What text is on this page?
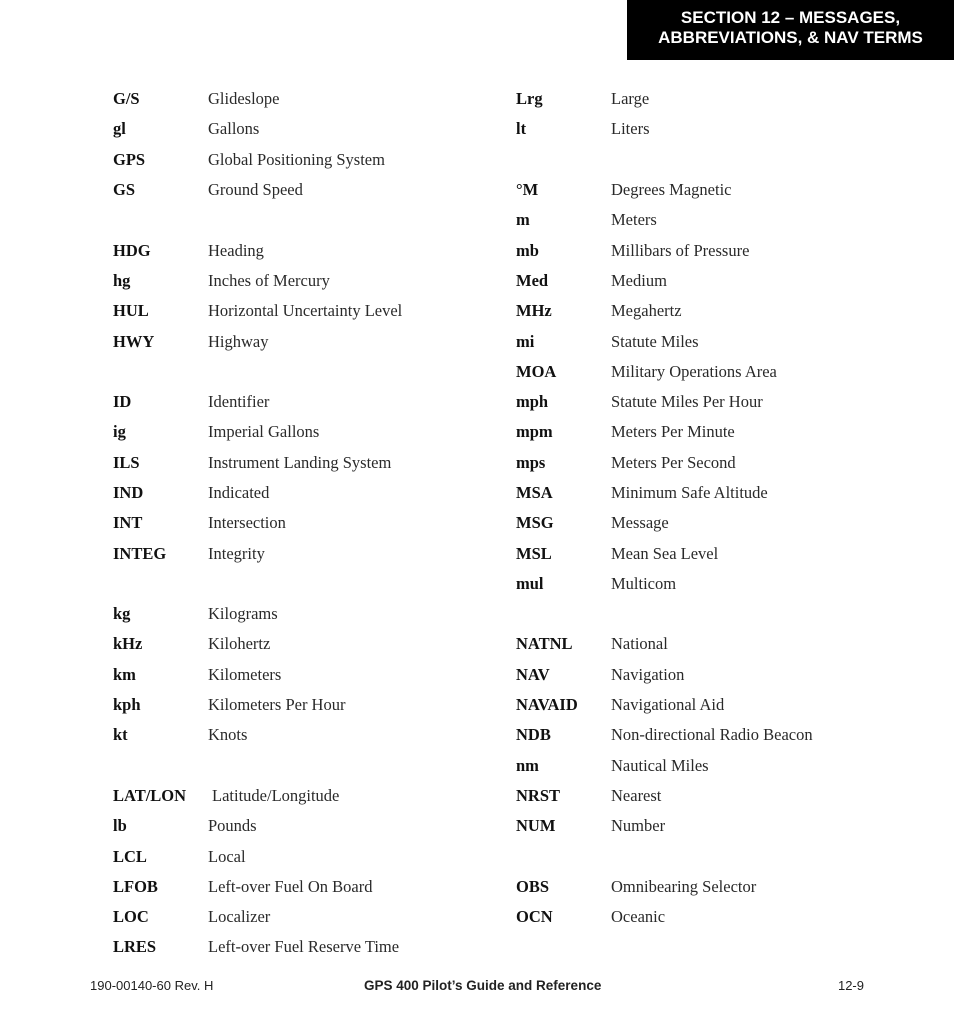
SECTION 12 – MESSAGES,
ABBREVIATIONS, & NAV TERMS
G/S	Glideslope
gl	Gallons
GPS	Global Positioning System
GS	Ground Speed
HDG	Heading
hg	Inches of Mercury
HUL	Horizontal Uncertainty Level
HWY	Highway
ID	Identifier
ig	Imperial Gallons
ILS	Instrument Landing System
IND	Indicated
INT	Intersection
INTEG	Integrity
kg	Kilograms
kHz	Kilohertz
km	Kilometers
kph	Kilometers Per Hour
kt	Knots
LAT/LON	Latitude/Longitude
lb	Pounds
LCL	Local
LFOB	Left-over Fuel On Board
LOC	Localizer
LRES	Left-over Fuel Reserve Time
Lrg	Large
lt	Liters
°M	Degrees Magnetic
m	Meters
mb	Millibars of Pressure
Med	Medium
MHz	Megahertz
mi	Statute Miles
MOA	Military Operations Area
mph	Statute Miles Per Hour
mpm	Meters Per Minute
mps	Meters Per Second
MSA	Minimum Safe Altitude
MSG	Message
MSL	Mean Sea Level
mul	Multicom
NATNL	National
NAV	Navigation
NAVAID	Navigational Aid
NDB	Non-directional Radio Beacon
nm	Nautical Miles
NRST	Nearest
NUM	Number
OBS	Omnibearing Selector
OCN	Oceanic
190-00140-60 Rev. H	GPS 400 Pilot’s Guide and Reference	12-9
